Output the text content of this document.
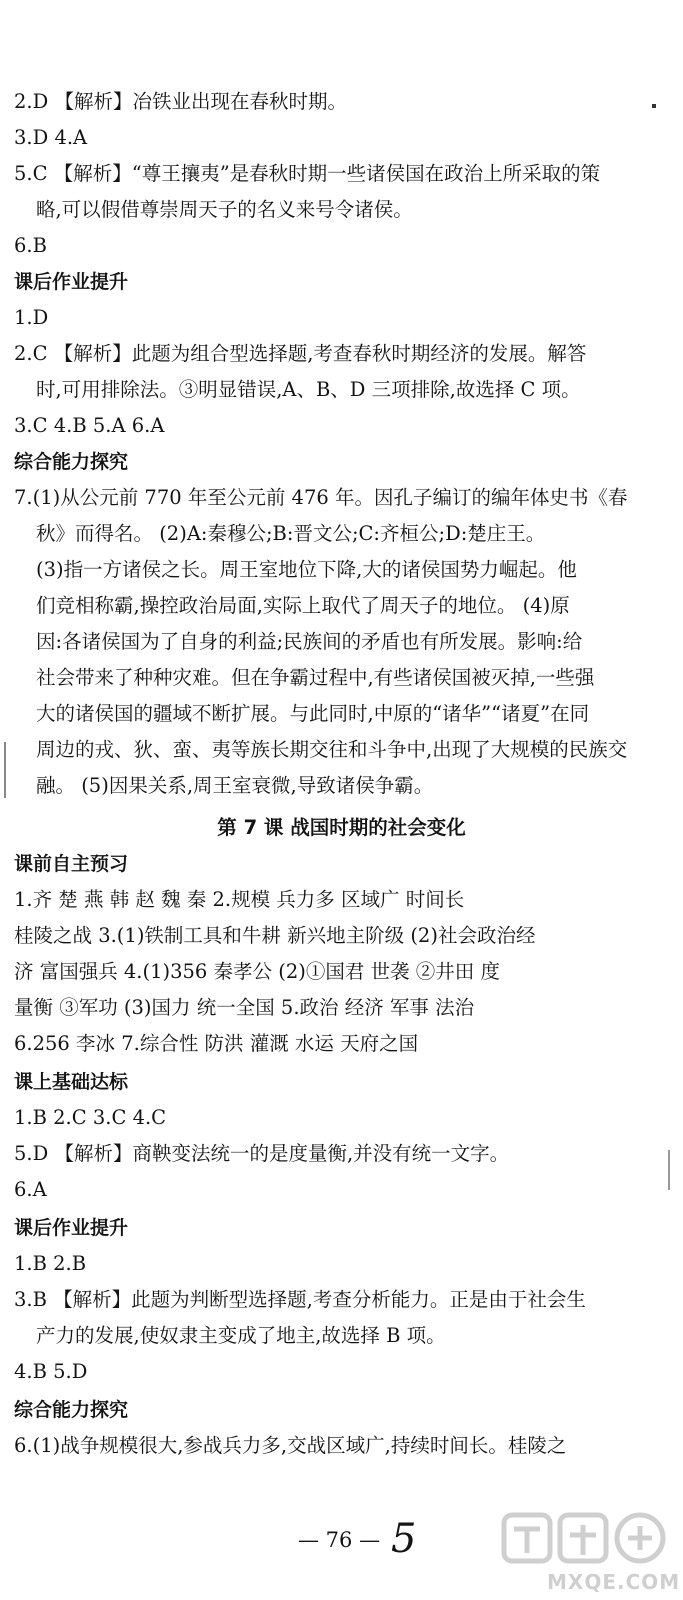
2.D 【解析】冶铁业出现在春秋时期。
3.D 4.A
5.C 【解析】“尊王攘夷”是春秋时期一些诸侯国在政治上所采取的策
略,可以假借尊崇周天子的名义来号令诸侯。
6.B
课后作业提升
1.D
2.C 【解析】此题为组合型选择题,考查春秋时期经济的发展。解答
时,可用排除法。③明显错误,A、B、D 三项排除,故选择 C 项。
3.C 4.B 5.A 6.A
综合能力探究
7.(1)从公元前 770 年至公元前 476 年。因孔子编订的编年体史书《春
秋》而得名。 (2)A:秦穆公;B:晋文公;C:齐桓公;D:楚庄王。
(3)指一方诸侯之长。周王室地位下降,大的诸侯国势力崛起。他
们竞相称霸,操控政治局面,实际上取代了周天子的地位。 (4)原
因:各诸侯国为了自身的利益;民族间的矛盾也有所发展。影响:给
社会带来了种种灾难。但在争霸过程中,有些诸侯国被灭掉,一些强
大的诸侯国的疆域不断扩展。与此同时,中原的“诸华”“诸夏”在同
周边的戎、狄、蛮、夷等族长期交往和斗争中,出现了大规模的民族交
融。 (5)因果关系,周王室衰微,导致诸侯争霸。
第 7 课 战国时期的社会变化
课前自主预习
1.齐 楚 燕 韩 赵 魏 秦 2.规模 兵力多 区域广 时间长
桂陵之战 3.(1)铁制工具和牛耕 新兴地主阶级 (2)社会政治经
济 富国强兵 4.(1)356 秦孝公 (2)①国君 世袭 ②井田 度
量衡 ③军功 (3)国力 统一全国 5.政治 经济 军事 法治
6.256 李冰 7.综合性 防洪 灌溉 水运 天府之国
课上基础达标
1.B 2.C 3.C 4.C
5.D 【解析】商鞅变法统一的是度量衡,并没有统一文字。
6.A
课后作业提升
1.B 2.B
3.B 【解析】此题为判断型选择题,考查分析能力。正是由于社会生
产力的发展,使奴隶主变成了地主,故选择 B 项。
4.B 5.D
综合能力探究
6.(1)战争规模很大,参战兵力多,交战区域广,持续时间长。桂陵之
— 76 — 5
MXQE.COM
